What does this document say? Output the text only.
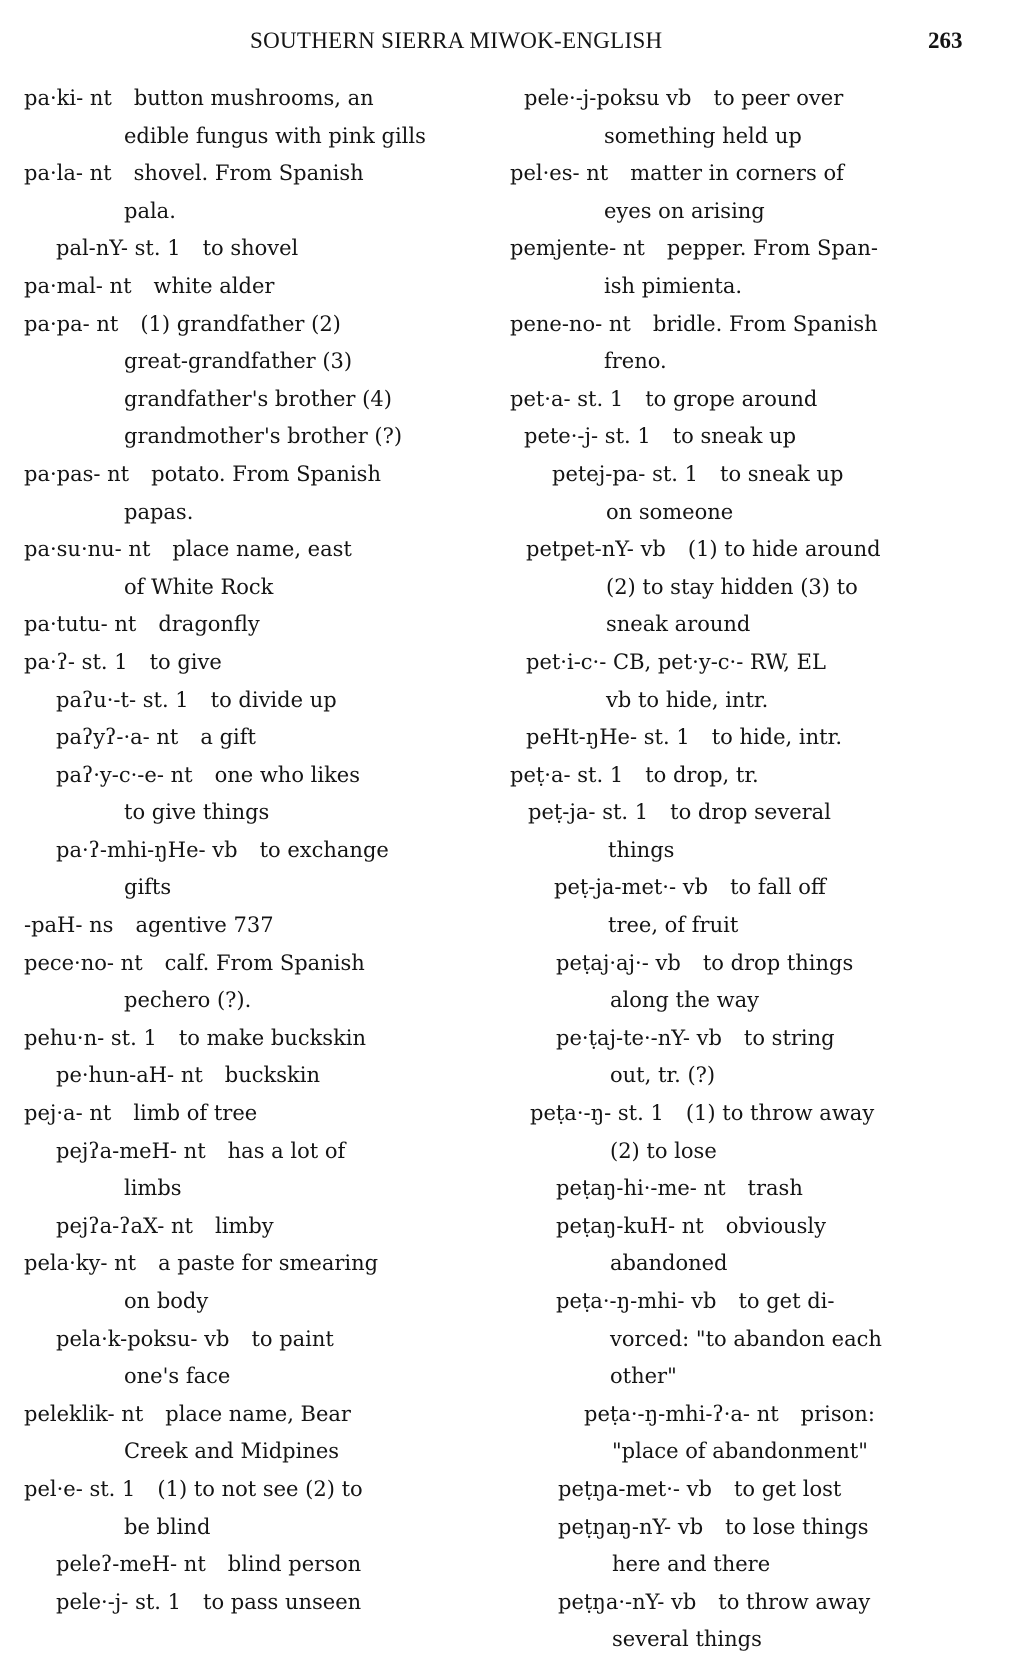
SOUTHERN SIERRA MIWOK-ENGLISH	263
pa·ki- nt button mushrooms, an
edible fungus with pink gills
pa·la- nt shovel. From Spanish
pala.
pal-nY- st. 1 to shovel
pa·mal- nt white alder
pa·pa- nt (1) grandfather (2)
great-grandfather (3)
grandfather's brother (4)
grandmother's brother (?)
pa·pas- nt potato. From Spanish
papas.
pa·su·nu- nt place name, east
of White Rock
pa·tutu- nt dragonfly
pa·ʔ- st. 1 to give
paʔu·-t- st. 1 to divide up
paʔyʔ-·a- nt a gift
paʔ·y-c·-e- nt one who likes
to give things
pa·ʔ-mhi-ŋHe- vb to exchange
gifts
-paH- ns agentive 737
pece·no- nt calf. From Spanish
pechero (?).
pehu·n- st. 1 to make buckskin
pe·hun-aH- nt buckskin
pej·a- nt limb of tree
pejʔa-meH- nt has a lot of
limbs
pejʔa-ʔaX- nt limby
pela·ky- nt a paste for smearing
on body
pela·k-poksu- vb to paint
one's face
peleklik- nt place name, Bear
Creek and Midpines
pel·e- st. 1 (1) to not see (2) to
be blind
peleʔ-meH- nt blind person
pele·-j- st. 1 to pass unseen
pele·-j-poksu vb to peer over
something held up
pel·es- nt matter in corners of
eyes on arising
pemjente- nt pepper. From Span-
ish pimienta.
pene-no- nt bridle. From Spanish
freno.
pet·a- st. 1 to grope around
pete·-j- st. 1 to sneak up
petej-pa- st. 1 to sneak up
on someone
petpet-nY- vb (1) to hide around
(2) to stay hidden (3) to
sneak around
pet·i-c·- CB, pet·y-c·- RW, EL
vb to hide, intr.
peHt-ŋHe- st. 1 to hide, intr.
peṭ·a- st. 1 to drop, tr.
peṭ-ja- st. 1 to drop several
things
peṭ-ja-met·- vb to fall off
tree, of fruit
peṭaj·aj·- vb to drop things
along the way
pe·ṭaj-te·-nY- vb to string
out, tr. (?)
peṭa·-ŋ- st. 1 (1) to throw away
(2) to lose
peṭaŋ-hi·-me- nt trash
peṭaŋ-kuH- nt obviously
abandoned
peṭa·-ŋ-mhi- vb to get di-
vorced: "to abandon each
other"
peṭa·-ŋ-mhi-ʔ·a- nt prison:
"place of abandonment"
peṭŋa-met·- vb to get lost
peṭŋaŋ-nY- vb to lose things
here and there
peṭŋa·-nY- vb to throw away
several things
